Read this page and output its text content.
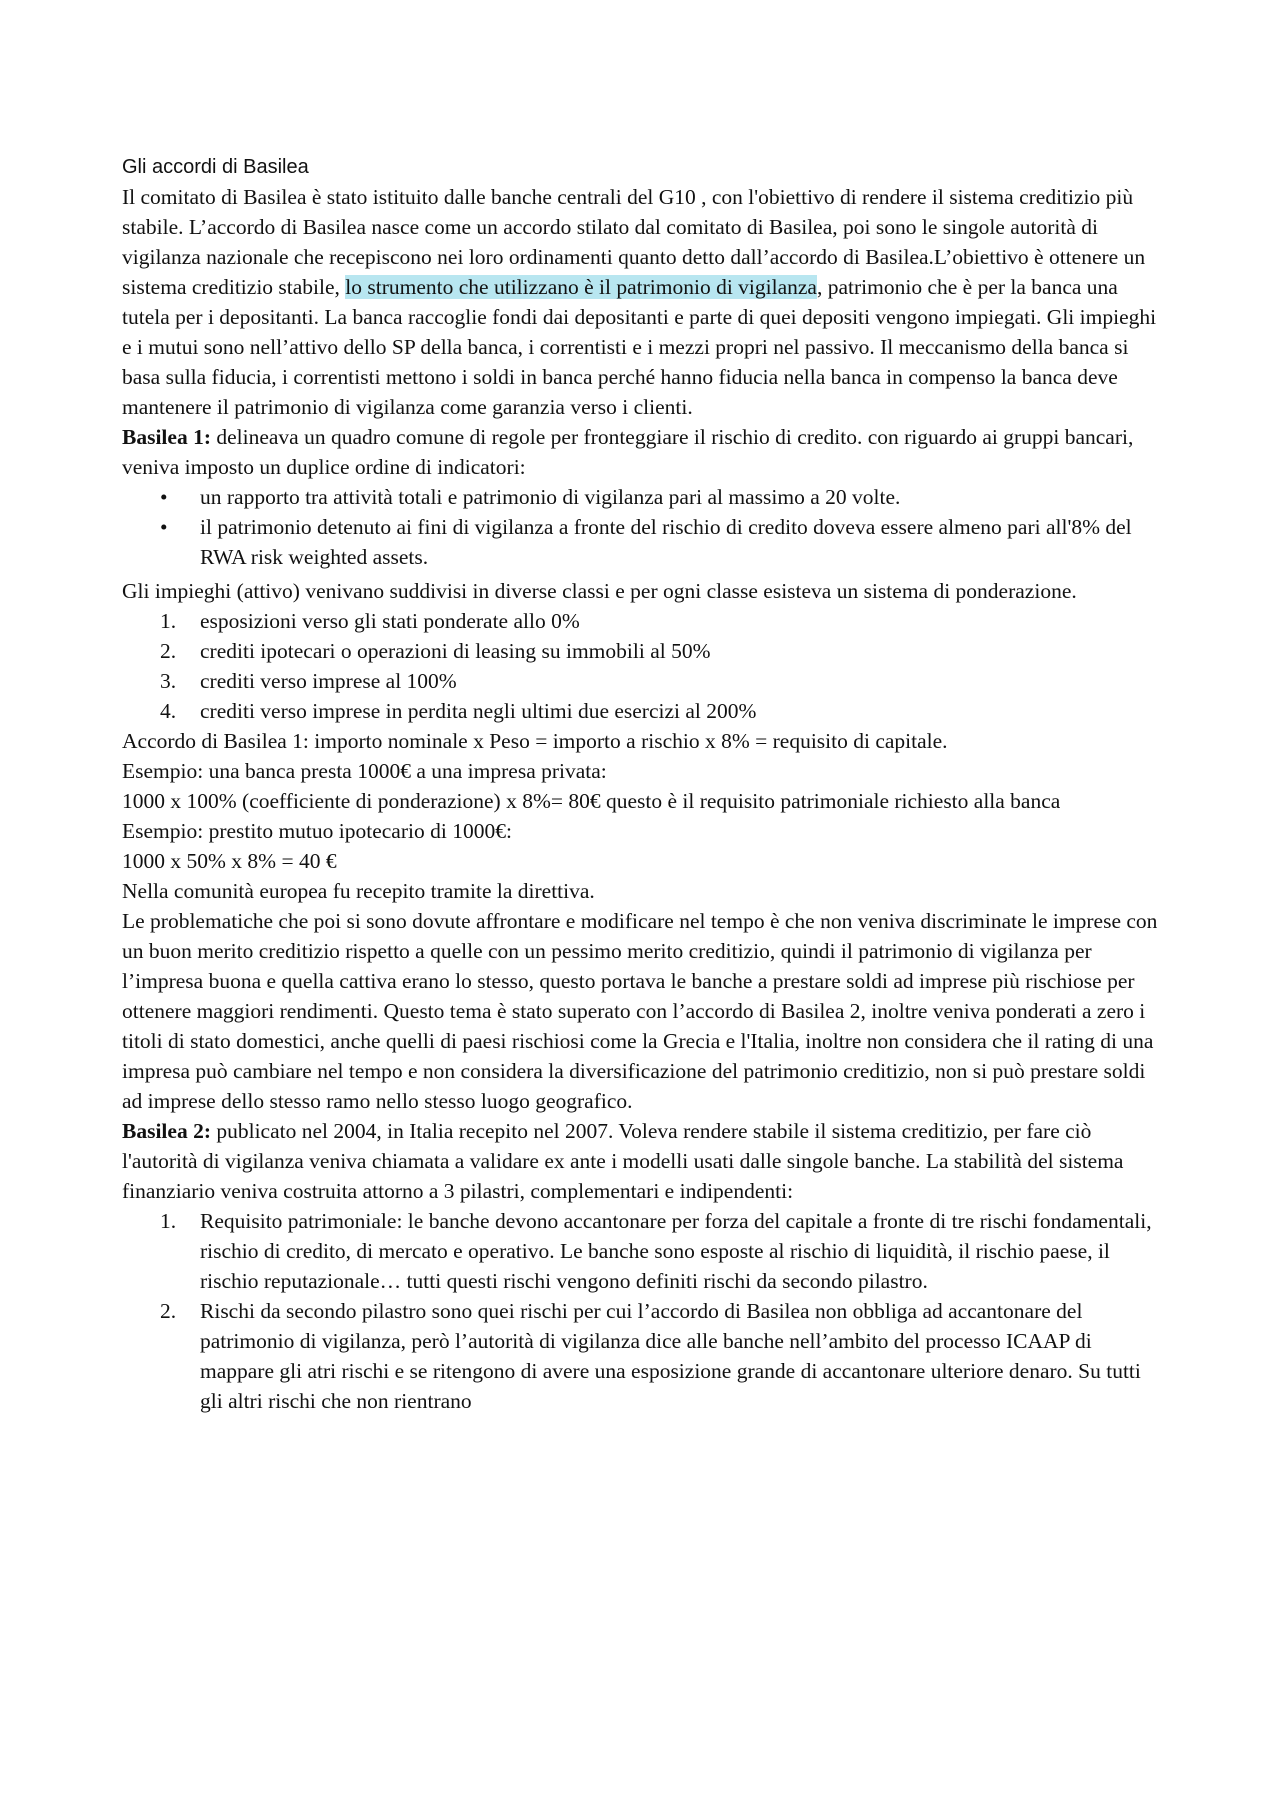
Gli accordi di Basilea

Il comitato di Basilea è stato istituito dalle banche centrali del G10 , con l'obiettivo di rendere il sistema creditizio più stabile. L’accordo di Basilea nasce come un accordo stilato dal comitato di Basilea, poi sono le singole autorità di vigilanza nazionale che recepiscono nei loro ordinamenti quanto detto dall’accordo di Basilea.L’obiettivo è ottenere un sistema creditizio stabile, lo strumento che utilizzano è il patrimonio di vigilanza, patrimonio che è per la banca una tutela per i depositanti. La banca raccoglie fondi dai depositanti e parte di quei depositi vengono impiegati. Gli impieghi e i mutui sono nell’attivo dello SP della banca, i correntisti e i mezzi propri nel passivo. Il meccanismo della banca si basa sulla fiducia, i correntisti mettono i soldi in banca perché hanno fiducia nella banca in compenso la banca deve mantenere il patrimonio di vigilanza come garanzia verso i clienti.

Basilea 1: delineava un quadro comune di regole per fronteggiare il rischio di credito. con riguardo ai gruppi bancari, veniva imposto un duplice ordine di indicatori:

• un rapporto tra attività totali e patrimonio di vigilanza pari al massimo a 20 volte.
• il patrimonio detenuto ai fini di vigilanza a fronte del rischio di credito doveva essere almeno pari all'8% del RWA risk weighted assets.

Gli impieghi (attivo) venivano suddivisi in diverse classi e per ogni classe esisteva un sistema di ponderazione.

1. esposizioni verso gli stati ponderate allo 0%
2. crediti ipotecari o operazioni di leasing su immobili al 50%
3. crediti verso imprese al 100%
4. crediti verso imprese in perdita negli ultimi due esercizi al 200%

Accordo di Basilea 1: importo nominale x Peso = importo a rischio x 8% = requisito di capitale.

Esempio: una banca presta 1000€ a una impresa privata:

1000 x 100% (coefficiente di ponderazione) x 8%= 80€ questo è il requisito patrimoniale richiesto alla banca

Esempio: prestito mutuo ipotecario di 1000€:

1000 x 50% x 8% = 40 €

Nella comunità europea fu recepito tramite la direttiva.

Le problematiche che poi si sono dovute affrontare e modificare nel tempo è che non veniva discriminate le imprese con un buon merito creditizio rispetto a quelle con un pessimo merito creditizio, quindi il patrimonio di vigilanza per l’impresa buona e quella cattiva erano lo stesso, questo portava le banche a prestare soldi ad imprese più rischiose per ottenere maggiori rendimenti. Questo tema è stato superato con l’accordo di Basilea 2, inoltre veniva ponderati a zero i titoli di stato domestici, anche quelli di paesi rischiosi come la Grecia e l'Italia, inoltre non considera che il rating di una impresa può cambiare nel tempo e non considera la diversificazione del patrimonio creditizio, non si può prestare soldi ad imprese dello stesso ramo nello stesso luogo geografico.

Basilea 2: publicato nel 2004, in Italia recepito nel 2007. Voleva rendere stabile il sistema creditizio, per fare ciò l'autorità di vigilanza veniva chiamata a validare ex ante i modelli usati dalle singole banche. La stabilità del sistema finanziario veniva costruita attorno a 3 pilastri, complementari e indipendenti:

1. Requisito patrimoniale: le banche devono accantonare per forza del capitale a fronte di tre rischi fondamentali, rischio di credito, di mercato e operativo. Le banche sono esposte al rischio di liquidità, il rischio paese, il rischio reputazionale… tutti questi rischi vengono definiti rischi da secondo pilastro.
2. Rischi da secondo pilastro sono quei rischi per cui l’accordo di Basilea non obbliga ad accantonare del patrimonio di vigilanza, però l’autorità di vigilanza dice alle banche nell’ambito del processo ICAAP di mappare gli atri rischi e se ritengono di avere una esposizione grande di accantonare ulteriore denaro. Su tutti gli altri rischi che non rientrano
